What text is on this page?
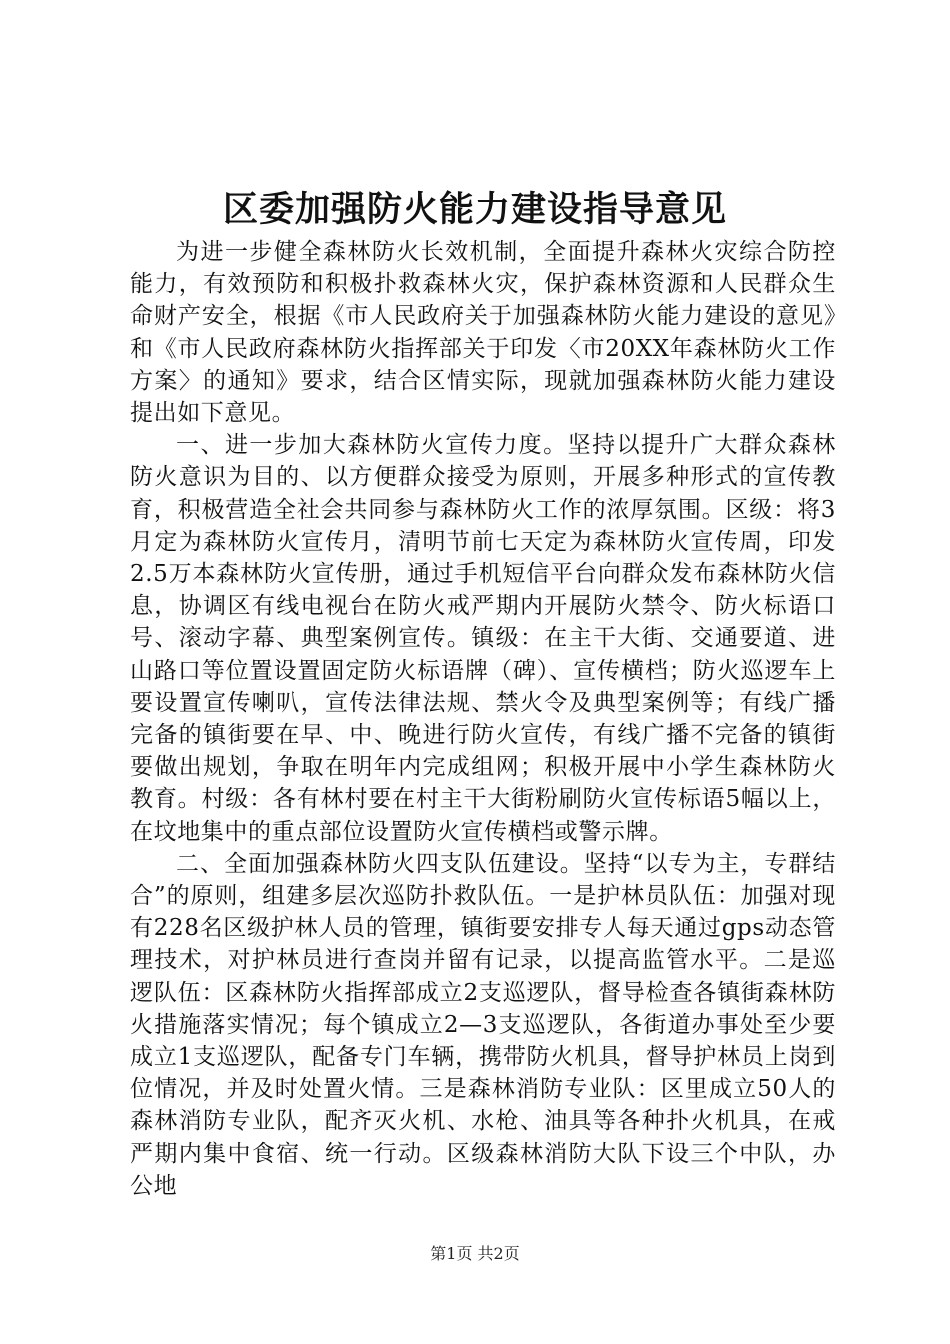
区委加强防火能力建设指导意见

为进一步健全森林防火长效机制，全面提升森林火灾综合防控能力，有效预防和积极扑救森林火灾，保护森林资源和人民群众生命财产安全，根据《市人民政府关于加强森林防火能力建设的意见》和《市人民政府森林防火指挥部关于印发〈市20XX年森林防火工作方案〉的通知》要求，结合区情实际，现就加强森林防火能力建设提出如下意见。

一、进一步加大森林防火宣传力度。坚持以提升广大群众森林防火意识为目的、以方便群众接受为原则，开展多种形式的宣传教育，积极营造全社会共同参与森林防火工作的浓厚氛围。区级：将3月定为森林防火宣传月，清明节前七天定为森林防火宣传周，印发2.5万本森林防火宣传册，通过手机短信平台向群众发布森林防火信息，协调区有线电视台在防火戒严期内开展防火禁令、防火标语口号、滚动字幕、典型案例宣传。镇级：在主干大街、交通要道、进山路口等位置设置固定防火标语牌（碑）、宣传横档；防火巡逻车上要设置宣传喇叭，宣传法律法规、禁火令及典型案例等；有线广播完备的镇街要在早、中、晚进行防火宣传，有线广播不完备的镇街要做出规划，争取在明年内完成组网；积极开展中小学生森林防火教育。村级：各有林村要在村主干大街粉刷防火宣传标语5幅以上，在坟地集中的重点部位设置防火宣传横档或警示牌。

二、全面加强森林防火四支队伍建设。坚持“以专为主，专群结合”的原则，组建多层次巡防扑救队伍。一是护林员队伍：加强对现有228名区级护林人员的管理，镇街要安排专人每天通过gps动态管理技术，对护林员进行查岗并留有记录，以提高监管水平。二是巡逻队伍：区森林防火指挥部成立2支巡逻队，督导检查各镇街森林防火措施落实情况；每个镇成立2—3支巡逻队，各街道办事处至少要成立1支巡逻队，配备专门车辆，携带防火机具，督导护林员上岗到位情况，并及时处置火情。三是森林消防专业队：区里成立50人的森林消防专业队，配齐灭火机、水枪、油具等各种扑火机具，在戒严期内集中食宿、统一行动。区级森林消防大队下设三个中队，办公地

第1页 共2页
